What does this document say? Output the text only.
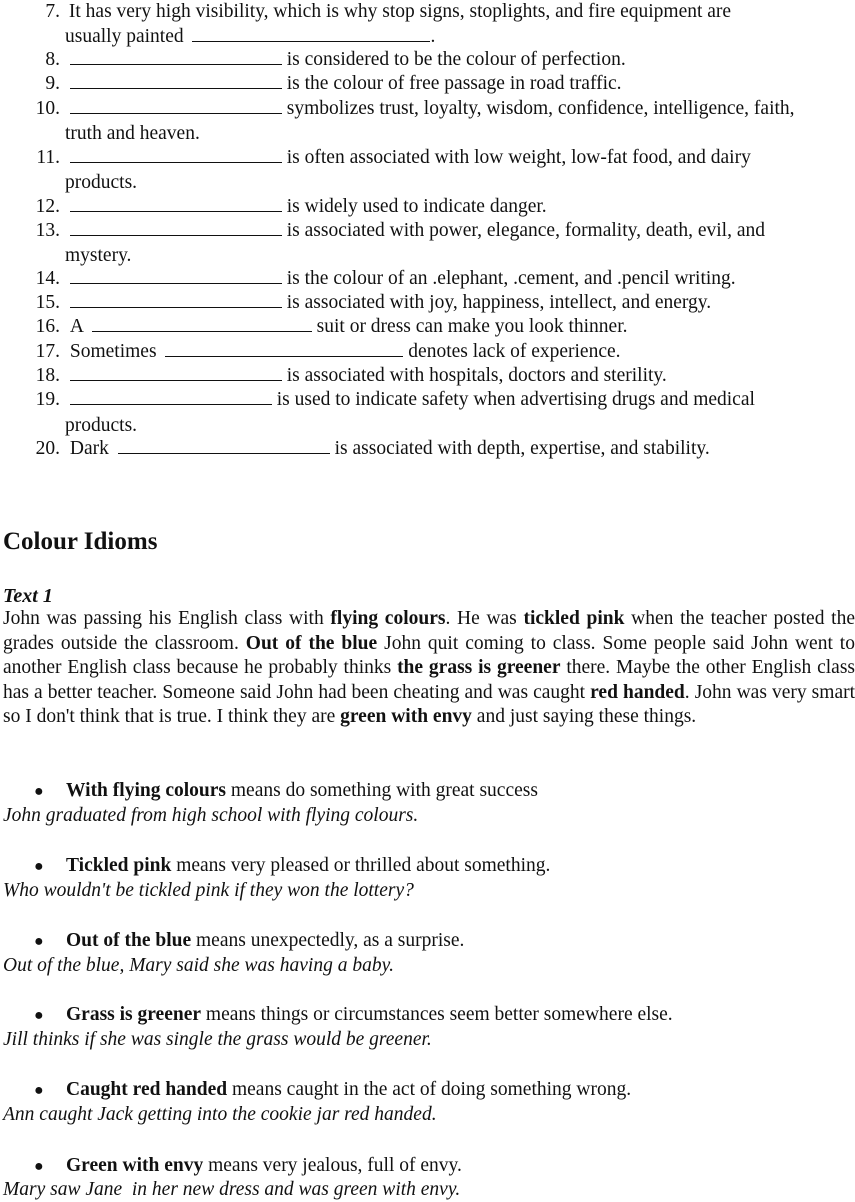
7. It has very high visibility, which is why stop signs, stoplights, and fire equipment are
usually painted	.
8.	is considered to be the colour of perfection.
9.	is the colour of free passage in road traffic.
10.	symbolizes trust, loyalty, wisdom, confidence, intelligence, faith,
truth and heaven.
11.	is often associated with low weight, low-fat food, and dairy
products.
12.	is widely used to indicate danger.
13.	is associated with power, elegance, formality, death, evil, and
mystery.
14.	is the colour of an .elephant, .cement, and .pencil writing.
15.	is associated with joy, happiness, intellect, and energy.
16. A	suit or dress can make you look thinner.
17. Sometimes	denotes lack of experience.
18.	is associated with hospitals, doctors and sterility.
19.	is used to indicate safety when advertising drugs and medical
products.
20. Dark	is associated with depth, expertise, and stability.
Colour Idioms
Text 1
John was passing his English class with flying colours. He was tickled pink when the teacher posted the grades outside the classroom. Out of the blue John quit coming to class. Some people said John went to another English class because he probably thinks the grass is greener there. Maybe the other English class has a better teacher. Someone said John had been cheating and was caught red handed. John was very smart so I don't think that is true. I think they are green with envy and just saying these things.
● With flying colours means do something with great success
John graduated from high school with flying colours.
● Tickled pink means very pleased or thrilled about something.
Who wouldn't be tickled pink if they won the lottery?
● Out of the blue means unexpectedly, as a surprise.
Out of the blue, Mary said she was having a baby.
● Grass is greener means things or circumstances seem better somewhere else.
Jill thinks if she was single the grass would be greener.
● Caught red handed means caught in the act of doing something wrong.
Ann caught Jack getting into the cookie jar red handed.
● Green with envy means very jealous, full of envy.
Mary saw Jane  in her new dress and was green with envy.
